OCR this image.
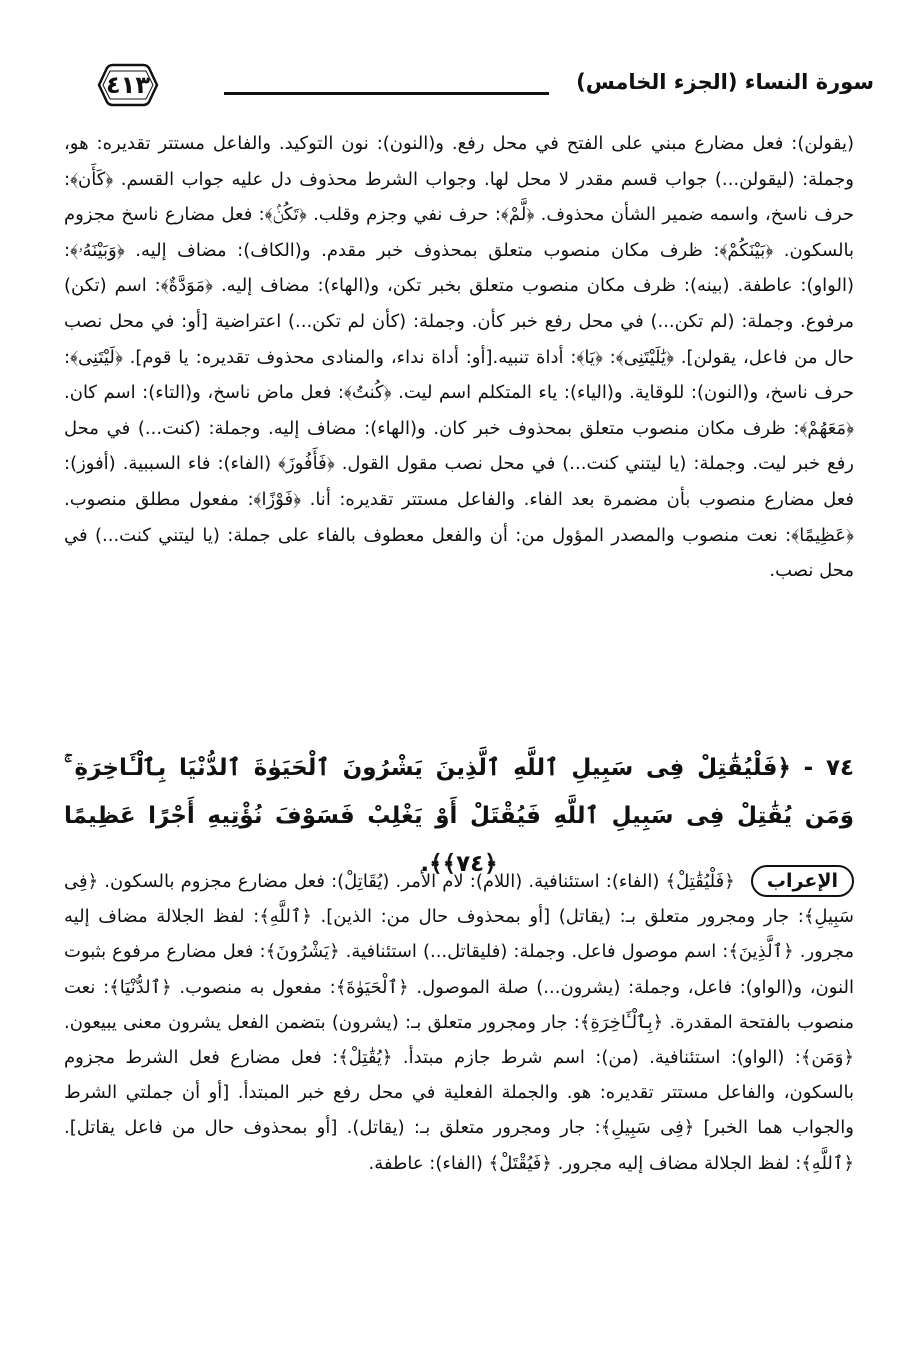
سورة النساء (الجزء الخامس)
٤١٣
(يقولن): فعل مضارع مبني على الفتح في محل رفع. و(النون): نون التوكيد. والفاعل مستتر تقديره: هو، وجملة: (ليقولن...) جواب قسم مقدر لا محل لها. وجواب الشرط محذوف دل عليه جواب القسم. ﴿كَأَن﴾: حرف ناسخ، واسمه ضمير الشأن محذوف. ﴿لَّمْ﴾: حرف نفي وجزم وقلب. ﴿تَكُنۢ﴾: فعل مضارع ناسخ مجزوم بالسكون. ﴿بَيْنَكُمْ﴾: ظرف مكان منصوب متعلق بمحذوف خبر مقدم. و(الكاف): مضاف إليه. ﴿وَبَيْنَهُۥ﴾: (الواو): عاطفة. (بينه): ظرف مكان منصوب متعلق بخبر تكن، و(الهاء): مضاف إليه. ﴿مَوَدَّةٌ﴾: اسم (تكن) مرفوع. وجملة: (لم تكن...) في محل رفع خبر كأن. وجملة: (كأن لم تكن...) اعتراضية [أو: في محل نصب حال من فاعل، يقولن]. ﴿يَٰلَيْتَنِى﴾: ﴿يَا﴾: أداة تنبيه.[أو: أداة نداء، والمنادى محذوف تقديره: يا قوم]. ﴿لَيْتَنِى﴾: حرف ناسخ، و(النون): للوقاية. و(الياء): ياء المتكلم اسم ليت. ﴿كُنتُ﴾: فعل ماض ناسخ، و(التاء): اسم كان. ﴿مَعَهُمْ﴾: ظرف مكان منصوب متعلق بمحذوف خبر كان. و(الهاء): مضاف إليه. وجملة: (كنت...) في محل رفع خبر ليت. وجملة: (يا ليتني كنت...) في محل نصب مقول القول. ﴿فَأَفُوزَ﴾ (الفاء): فاء السببية. (أفوز): فعل مضارع منصوب بأن مضمرة بعد الفاء. والفاعل مستتر تقديره: أنا. ﴿فَوْزًا﴾: مفعول مطلق منصوب. ﴿عَظِيمًا﴾: نعت منصوب والمصدر المؤول من: أن والفعل معطوف بالفاء على جملة: (يا ليتني كنت...) في محل نصب.
٧٤ - ﴿فَلْيُقَٰتِلْ فِى سَبِيلِ ٱللَّهِ ٱلَّذِينَ يَشْرُونَ ٱلْحَيَوٰةَ ٱلدُّنْيَا بِٱلْـَٔاخِرَةِ ۚ وَمَن يُقَٰتِلْ فِى سَبِيلِ ٱللَّهِ فَيُقْتَلْ أَوْ يَغْلِبْ فَسَوْفَ نُؤْتِيهِ أَجْرًا عَظِيمًا ﴿٧٤﴾﴾.
الإعراب ﴿فَلْيُقَٰتِلْ﴾ (الفاء): استئنافية. (اللام): لام الأمر. (يُقَاتِلْ): فعل مضارع مجزوم بالسكون. ﴿فِى سَبِيلِ﴾: جار ومجرور متعلق بـ: (يقاتل) [أو بمحذوف حال من: الذين]. ﴿ٱللَّهِ﴾: لفظ الجلالة مضاف إليه مجرور. ﴿ٱلَّذِينَ﴾: اسم موصول فاعل. وجملة: (فليقاتل...) استئنافية. ﴿يَشْرُونَ﴾: فعل مضارع مرفوع بثبوت النون، و(الواو): فاعل، وجملة: (يشرون...) صلة الموصول. ﴿ٱلْحَيَوٰةَ﴾: مفعول به منصوب. ﴿ٱلدُّنْيَا﴾: نعت منصوب بالفتحة المقدرة. ﴿بِٱلْـَٔاخِرَةِ﴾: جار ومجرور متعلق بـ: (يشرون) بتضمن الفعل يشرون معنى يبيعون. ﴿وَمَن﴾: (الواو): استئنافية. (من): اسم شرط جازم مبتدأ. ﴿يُقَٰتِلْ﴾: فعل مضارع فعل الشرط مجزوم بالسكون، والفاعل مستتر تقديره: هو. والجملة الفعلية في محل رفع خبر المبتدأ. [أو أن جملتي الشرط والجواب هما الخبر] ﴿فِى سَبِيلِ﴾: جار ومجرور متعلق بـ: (يقاتل). [أو بمحذوف حال من فاعل يقاتل]. ﴿ٱللَّهِ﴾: لفظ الجلالة مضاف إليه مجرور. ﴿فَيُقْتَلْ﴾ (الفاء): عاطفة.
